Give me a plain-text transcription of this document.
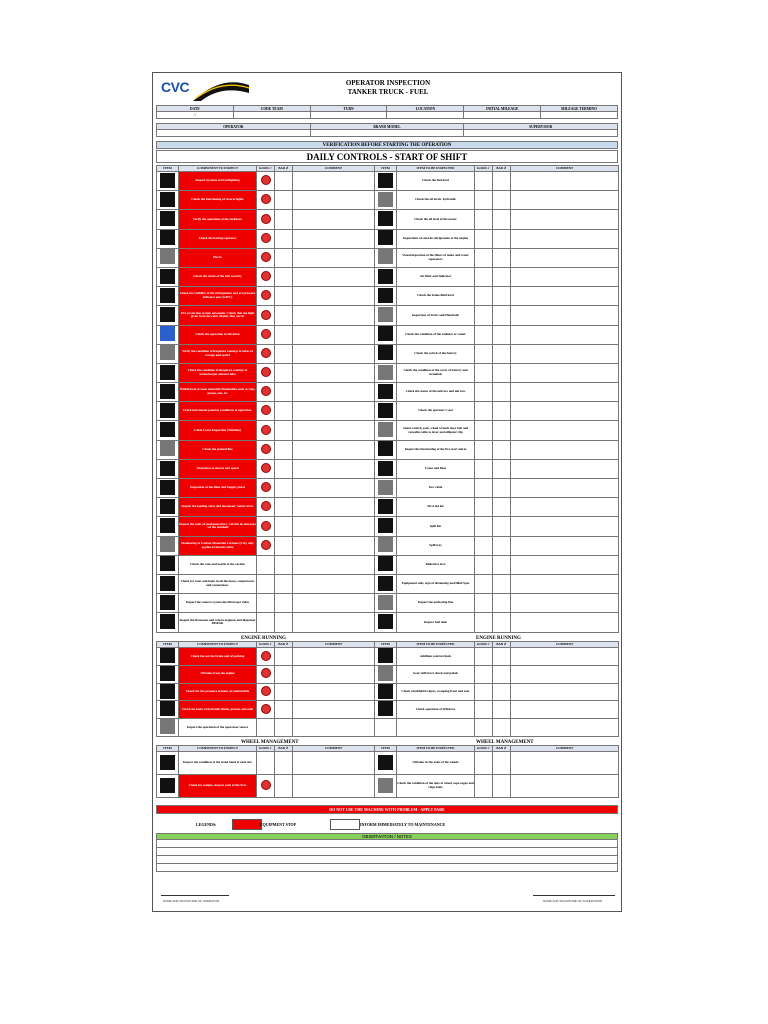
CVC	OPERATOR INSPECTION
TANKER TRUCK - FUEL
DATE	CODE TEAM	TURN	LOCATION	INITIAL MILEAGE	MILEAGE TERMINO
/ /					
OPERATOR	BRAND MODEL	SUPERVISOR

VERIFICATION BEFORE STARTING THE OPERATION
DAILY CONTROLS - START OF SHIFT
ITEM	COMPONENT TO INSPECT	GOOD ✓	BAD ✗	COMMENT	ITEM	ITEM TO BE INSPECTED	GOOD ✓	BAD ✗	COMMENT
	Inspect Systems of Frontlighting					Check the fuel level			
	Check the functioning of reverse lights					Check the oil levels. hydraulic			
	Verify the operation of the turkhorn					Check the oil level of the motor			
	Check the backup operator					Inspections of steel de refrigerante of the engine			
	Horns					Visual inspection of the filters of tanks and water separators			
	Check the status of the belt security					Air filter and Indicator			
	Check the visibility of the extinguisher and ext pressure indicator pen (A/B/C)					Check the brake fluid level			
	Fire protection system automatic: Check that the light given from the color display they are lit					Inspection of Stairs and Handrails			
	Check the operation of elevation					Check the condition of the radiator or cooler			
	Verify the condition of Required coatings in tubes of storage and sealed					Check the switch of the battery			
	Check the condition of Required coatings of turbocharger exhaust tube					Check the condition of the cover of battery and terminals			
	Withdrawal of team materials flammables such as rags, grease, oils, etc					Check the status of the mirrors and mirrors			
	Check instrument panel in conditions of operation.					Check the operator's seat			
	Cable Cover Inspection (Tubeline)					wheel wrench, jack, wheel wrench door belt and reusable cable to lever and alligator clip			
	Check the ground line					Inspect the functioning of the Pre-start alarm			
	Inspection of sleeves and speed					Cones and lines			
	Inspection of the filter and Supply pistol					Tow cable			
	Inspect the loading valve and download: Safety lever.					First aid kit			
	Inspect the seals of (emissionvalve) / válvula de descarga / of the manhole					Spill Kit			
	Monitoring of Carbon Monoxide Carbono (CO), only applies in interior mine					Spill tray			
	Check the cans and nozzle of the cardan					Reflective love			
	Check for wear and leaks in all the hoses, compressors and connections.					Equipment cells, sign of distancing and filled Spot			
	Inspect the camera system the blind spot video					Inspect the anchoring line			
	Inspect the firestones and return magnets and dispenser DISPAK					Inspect fuel tank			
ENGINE RUNNING	ENGINE RUNNING
ITEM	COMPONENT TO INSPECT	GOOD ✓	BAD ✗	COMMENT	ITEM	ITEM TO BE INSPECTED	GOOD ✓	BAD ✗	COMMENT
	Check the service brake and of parking					Addition control check			
	Oil leaks from the engine					Gear shift lever check and pedals			
	Check for the presence of leaks of combustible					Check windshield wipers, sweeping front and rear			
	Check for leaks of hydraulic fluids, greases and soils					Check operation of Windows			
	Inspect the operation of the open door sensor								
WHEEL MANAGEMENT	WHEEL MANAGEMENT
ITEM	COMPONENT TO INSPECT	GOOD ✓	BAD ✗	COMMENT	ITEM	ITEM TO BE INSPECTED	GOOD ✓	BAD ✗	COMMENT
	Inspect the condition of the tread band of each tire					Oil leaks in the axles of the wheels			
	Check for wedges, deep in each of the tires					Check the condition of the nuts of wheel, tapa sapps and rings hubs			
DO NOT USE THE MACHINE WITH PROBLEM - APPLY PARE
LEGENDS:	EQUIPMENT STOP	INFORM IMMEDIATELY TO MAINTENANCE
OBSERVATION / NOTES
NAME AND SIGNATURE OF OPERATOR	NAME AND SIGNATURE OF SUPERVISOR
